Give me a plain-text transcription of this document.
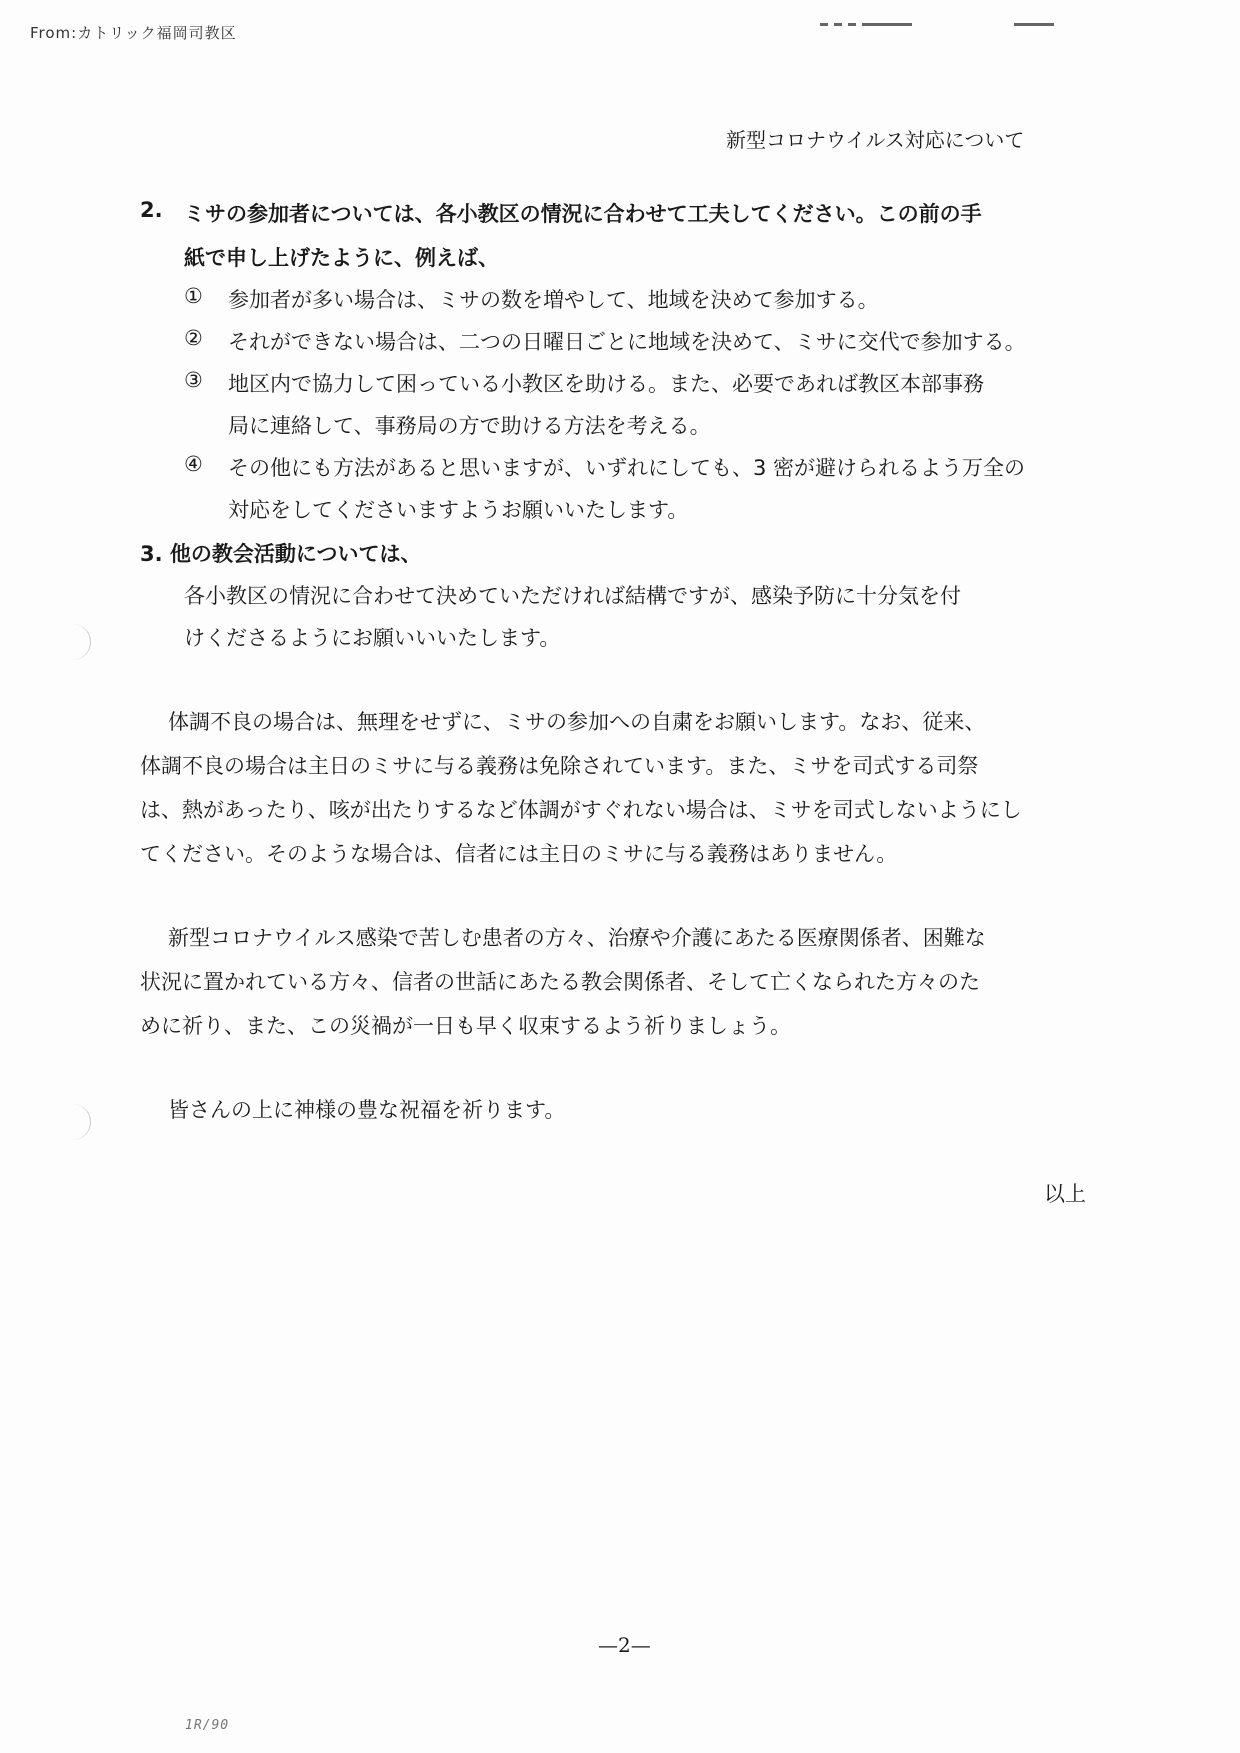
From:カトリック福岡司教区
新型コロナウイルス対応について
2. ミサの参加者については、各小教区の情況に合わせて工夫してください。この前の手
紙で申し上げたように、例えば、
① 参加者が多い場合は、ミサの数を増やして、地域を決めて参加する。
② それができない場合は、二つの日曜日ごとに地域を決めて、ミサに交代で参加する。
③ 地区内で協力して困っている小教区を助ける。また、必要であれば教区本部事務
局に連絡して、事務局の方で助ける方法を考える。
④ その他にも方法があると思いますが、いずれにしても、3 密が避けられるよう万全の
対応をしてくださいますようお願いいたします。
3. 他の教会活動については、
各小教区の情況に合わせて決めていただければ結構ですが、感染予防に十分気を付
けくださるようにお願いいいたします。
体調不良の場合は、無理をせずに、ミサの参加への自粛をお願いします。なお、従来、
体調不良の場合は主日のミサに与る義務は免除されています。また、ミサを司式する司祭
は、熱があったり、咳が出たりするなど体調がすぐれない場合は、ミサを司式しないようにし
てください。そのような場合は、信者には主日のミサに与る義務はありません。
新型コロナウイルス感染で苦しむ患者の方々、治療や介護にあたる医療関係者、困難な
状況に置かれている方々、信者の世話にあたる教会関係者、そして亡くなられた方々のた
めに祈り、また、この災禍が一日も早く収束するよう祈りましょう。
皆さんの上に神様の豊な祝福を祈ります。
以上
—2—
1R/90
